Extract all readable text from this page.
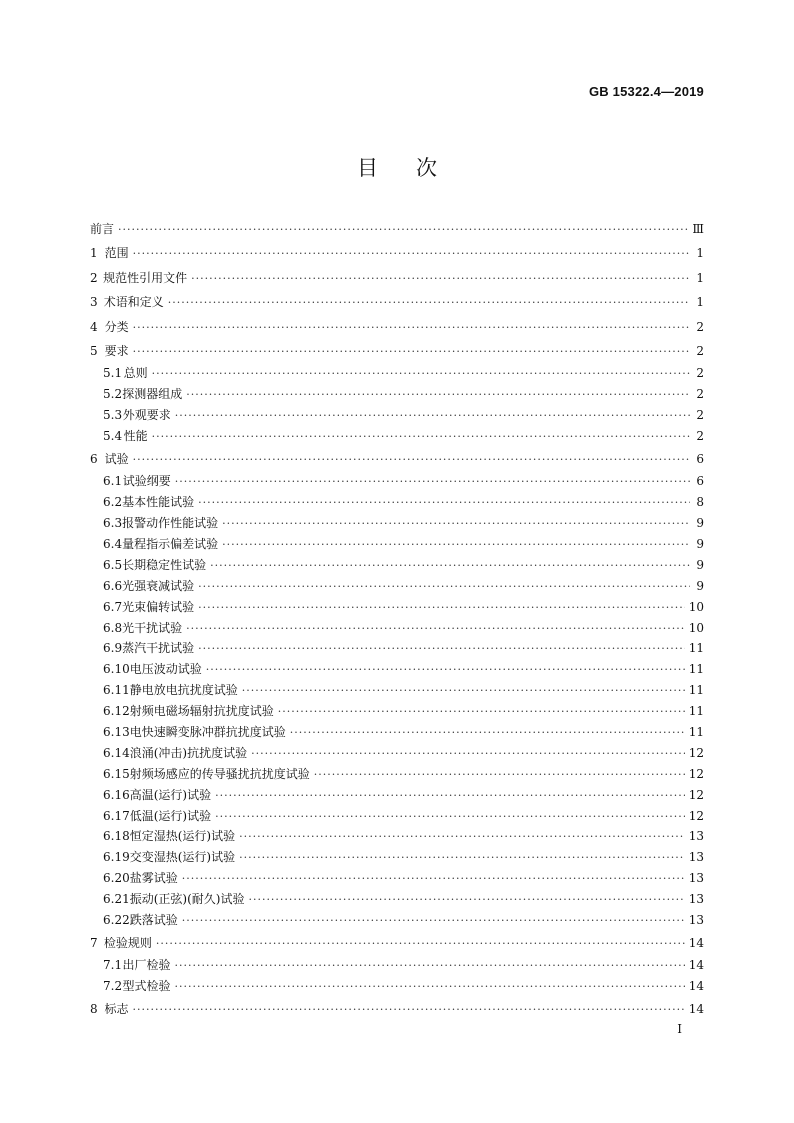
GB 15322.4—2019
目次
前言 ·····	Ⅲ
1 范围 ·····	1
2 规范性引用文件 ·····	1
3 术语和定义 ·····	1
4 分类 ·····	2
5 要求 ·····	2
5.1 总则 ·····	2
5.2 探测器组成 ·····	2
5.3 外观要求 ·····	2
5.4 性能 ·····	2
6 试验 ·····	6
6.1 试验纲要 ·····	6
6.2 基本性能试验 ·····	8
6.3 报警动作性能试验 ·····	9
6.4 量程指示偏差试验 ·····	9
6.5 长期稳定性试验 ·····	9
6.6 光强衰减试验 ·····	9
6.7 光束偏转试验 ·····	10
6.8 光干扰试验 ·····	10
6.9 蒸汽干扰试验 ·····	11
6.10 电压波动试验 ·····	11
6.11 静电放电抗扰度试验 ·····	11
6.12 射频电磁场辐射抗扰度试验 ·····	11
6.13 电快速瞬变脉冲群抗扰度试验 ·····	11
6.14 浪涌(冲击)抗扰度试验 ·····	12
6.15 射频场感应的传导骚扰抗扰度试验 ·····	12
6.16 高温(运行)试验 ·····	12
6.17 低温(运行)试验 ·····	12
6.18 恒定湿热(运行)试验 ·····	13
6.19 交变湿热(运行)试验 ·····	13
6.20 盐雾试验 ·····	13
6.21 振动(正弦)(耐久)试验 ·····	13
6.22 跌落试验 ·····	13
7 检验规则 ·····	14
7.1 出厂检验 ·····	14
7.2 型式检验 ·····	14
8 标志 ·····	14
I
